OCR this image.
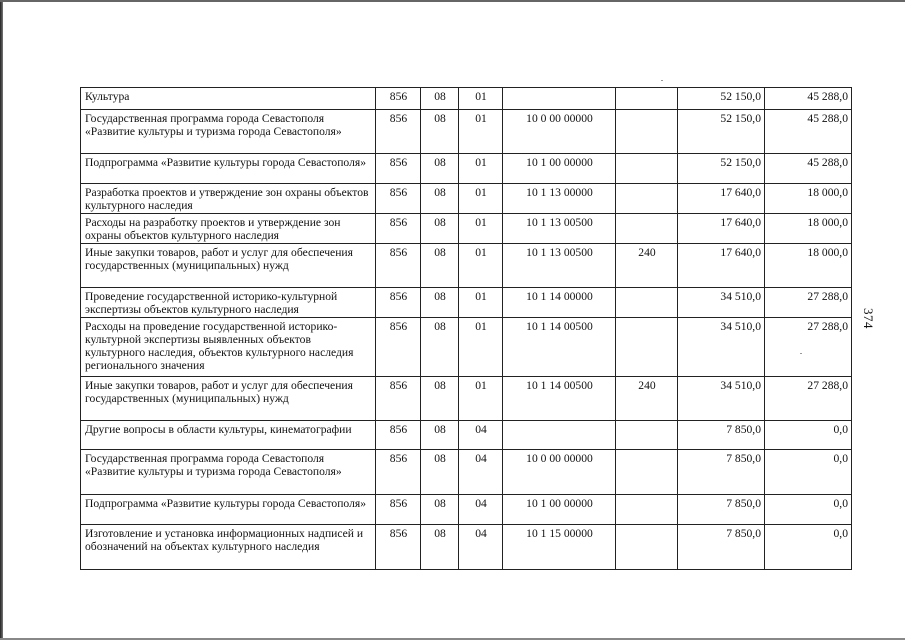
374
Культура	856	08	01			52 150,0	45 288,0
Государственная программа города Севастополя «Развитие культуры и туризма города Севастополя»	856	08	01	10 0 00 00000		52 150,0	45 288,0
Подпрограмма «Развитие культуры города Севастополя»	856	08	01	10 1 00 00000		52 150,0	45 288,0
Разработка проектов и утверждение зон охраны объектов культурного наследия	856	08	01	10 1 13 00000		17 640,0	18 000,0
Расходы на разработку проектов и утверждение зон охраны объектов культурного наследия	856	08	01	10 1 13 00500		17 640,0	18 000,0
Иные закупки товаров, работ и услуг для обеспечения государственных (муниципальных) нужд	856	08	01	10 1 13 00500	240	17 640,0	18 000,0
Проведение государственной историко-культурной экспертизы объектов культурного наследия	856	08	01	10 1 14 00000		34 510,0	27 288,0
Расходы на проведение государственной историко-культурной экспертизы выявленных объектов культурного наследия, объектов культурного наследия регионального значения	856	08	01	10 1 14 00500		34 510,0	27 288,0
Иные закупки товаров, работ и услуг для обеспечения государственных (муниципальных) нужд	856	08	01	10 1 14 00500	240	34 510,0	27 288,0
Другие вопросы в области культуры, кинематографии	856	08	04			7 850,0	0,0
Государственная программа города Севастополя «Развитие культуры и туризма города Севастополя»	856	08	04	10 0 00 00000		7 850,0	0,0
Подпрограмма «Развитие культуры города Севастополя»	856	08	04	10 1 00 00000		7 850,0	0,0
Изготовление и установка информационных надписей и обозначений на объектах культурного наследия	856	08	04	10 1 15 00000		7 850,0	0,0
